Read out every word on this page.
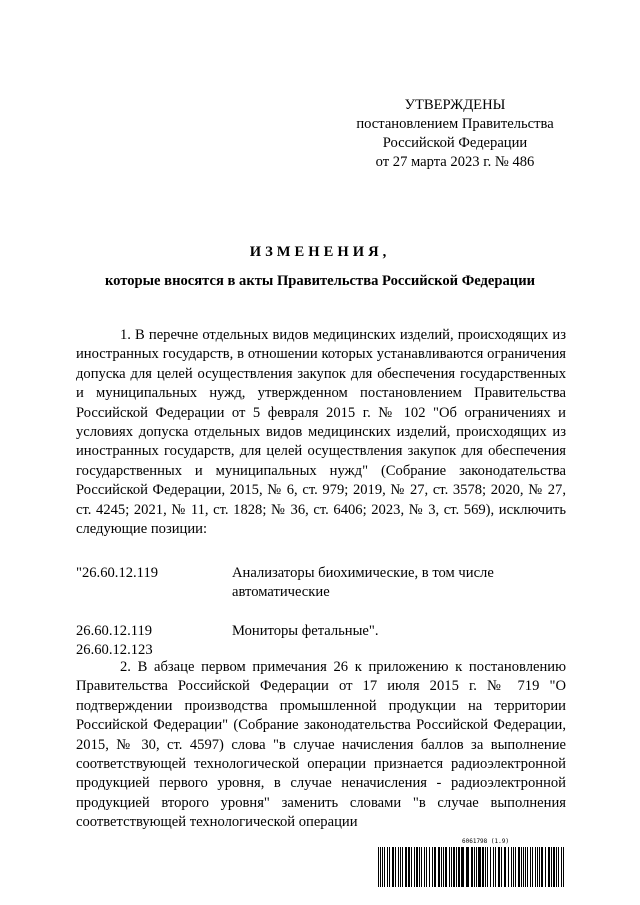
УТВЕРЖДЕНЫ
постановлением Правительства
Российской Федерации
от 27 марта 2023 г. № 486
ИЗМЕНЕНИЯ,
которые вносятся в акты Правительства Российской Федерации

1. В перечне отдельных видов медицинских изделий, происходящих из иностранных государств, в отношении которых устанавливаются ограничения допуска для целей осуществления закупок для обеспечения государственных и муниципальных нужд, утвержденном постановлением Правительства Российской Федерации от 5 февраля 2015 г. № 102 "Об ограничениях и условиях допуска отдельных видов медицинских изделий, происходящих из иностранных государств, для целей осуществления закупок для обеспечения государственных и муниципальных нужд" (Собрание законодательства Российской Федерации, 2015, № 6, ст. 979; 2019, № 27, ст. 3578; 2020, № 27, ст. 4245; 2021, № 11, ст. 1828; № 36, ст. 6406; 2023, № 3, ст. 569), исключить следующие позиции:

"26.60.12.119	Анализаторы биохимические, в том числе автоматические
26.60.12.119
26.60.12.123
Мониторы фетальные".

2. В абзаце первом примечания 26 к приложению к постановлению Правительства Российской Федерации от 17 июля 2015 г. № 719 "О подтверждении производства промышленной продукции на территории Российской Федерации" (Собрание законодательства Российской Федерации, 2015, № 30, ст. 4597) слова "в случае начисления баллов за выполнение соответствующей технологической операции признается радиоэлектронной продукцией первого уровня, в случае неначисления - радиоэлектронной продукцией второго уровня" заменить словами "в случае выполнения соответствующей технологической операции

6061798 (1.9)
